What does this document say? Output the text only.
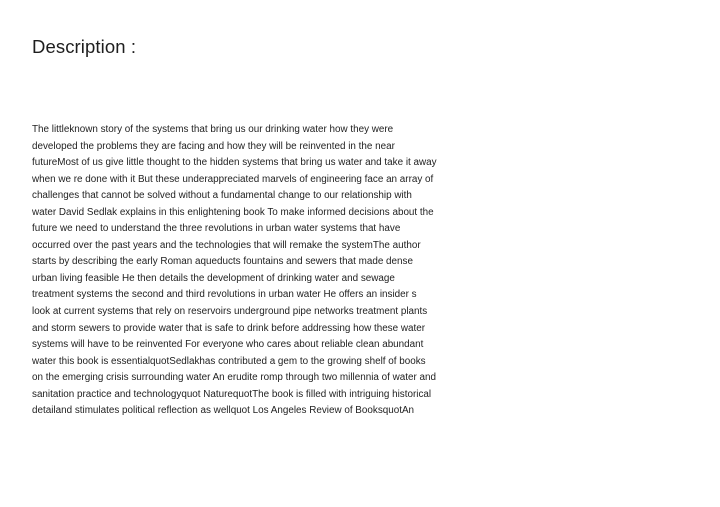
Description :
The littleknown story of the systems that bring us our drinking water how they were
developed the problems they are facing and how they will be reinvented in the near
futureMost of us give little thought to the hidden systems that bring us water and take it away
when we re done with it But these underappreciated marvels of engineering face an array of
challenges that cannot be solved without a fundamental change to our relationship with
water David Sedlak explains in this enlightening book To make informed decisions about the
future we need to understand the three revolutions in urban water systems that have
occurred over the past years and the technologies that will remake the systemThe author
starts by describing the early Roman aqueducts fountains and sewers that made dense
urban living feasible He then details the development of drinking water and sewage
treatment systems the second and third revolutions in urban water He offers an insider s
look at current systems that rely on reservoirs underground pipe networks treatment plants
and storm sewers to provide water that is safe to drink before addressing how these water
systems will have to be reinvented For everyone who cares about reliable clean abundant
water this book is essentialquotSedlakhas contributed a gem to the growing shelf of books
on the emerging crisis surrounding water An erudite romp through two millennia of water and
sanitation practice and technologyquot NaturequotThe book is filled with intriguing historical
detailand stimulates political reflection as wellquot Los Angeles Review of BooksquotAn
